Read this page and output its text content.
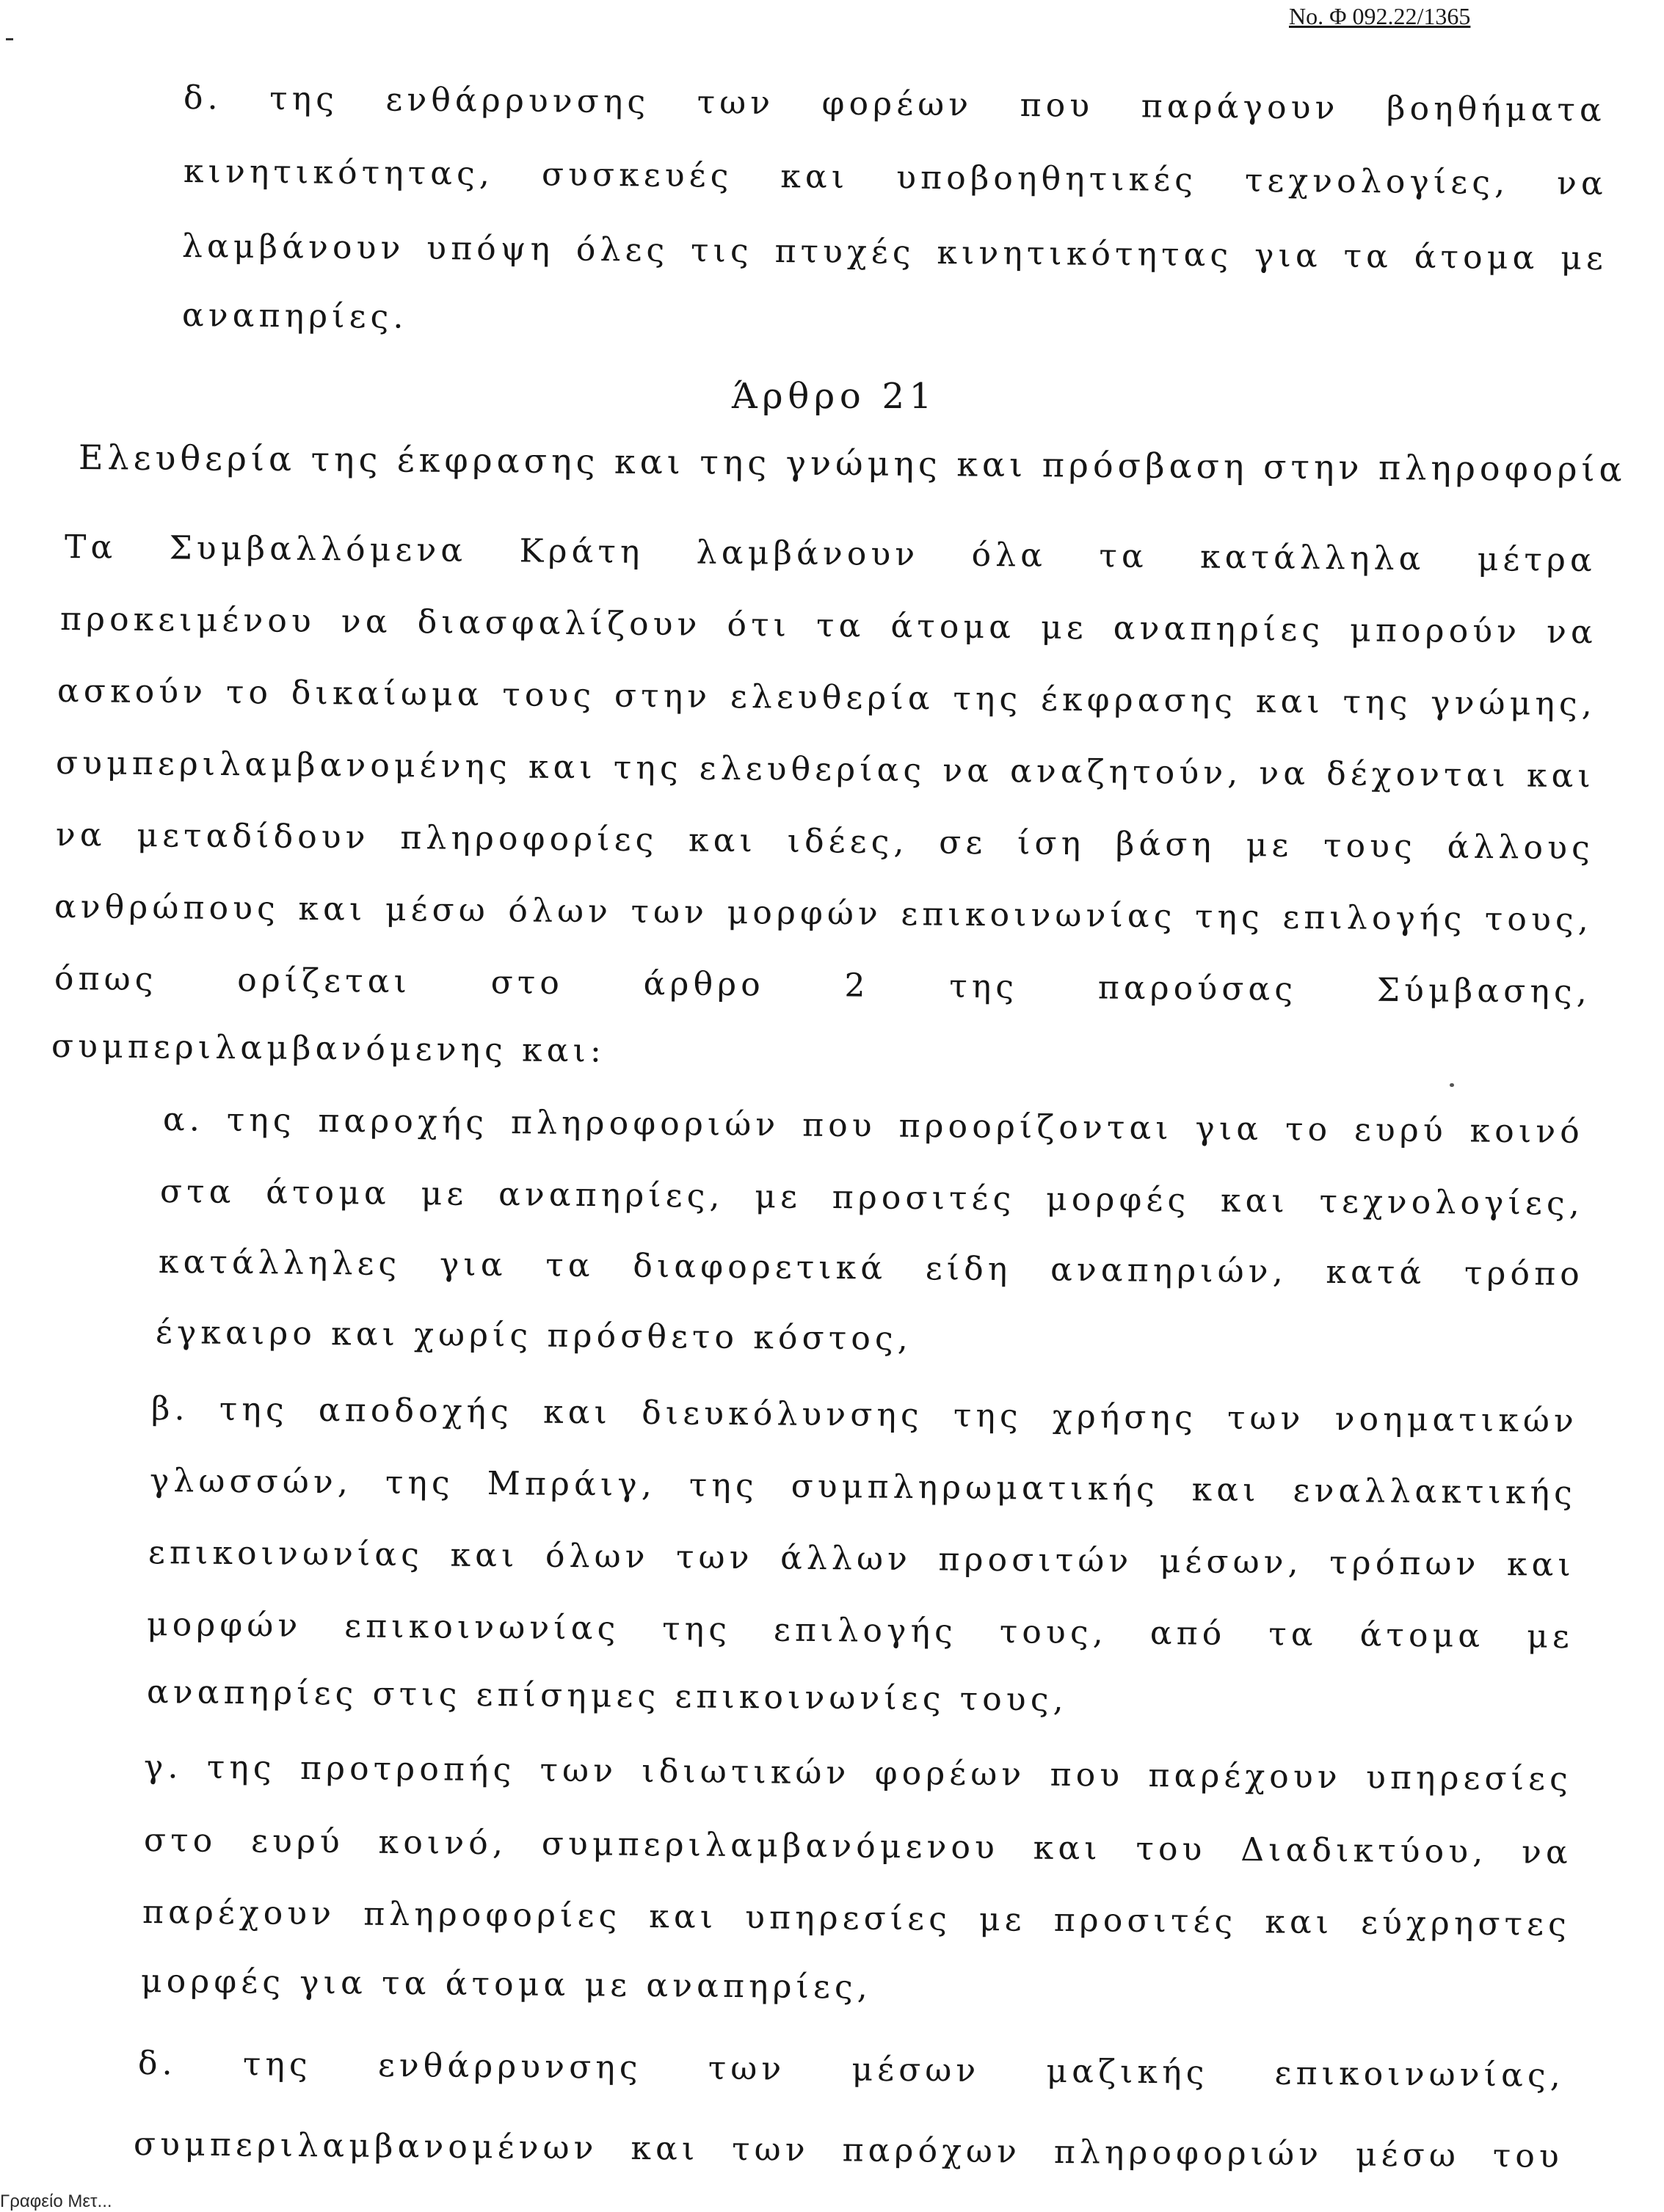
No. Φ 092.22/1365

δ. της ενθάρρυνσης των φορέων που παράγουν βοηθήματα

κινητικότητας, συσκευές και υποβοηθητικές τεχνολογίες, να

λαμβάνουν υπόψη όλες τις πτυχές κινητικότητας για τα άτομα με

αναπηρίες.

Άρθρο 21

Ελευθερία της έκφρασης και της γνώμης και πρόσβαση στην πληροφορία

Τα Συμβαλλόμενα Κράτη λαμβάνουν όλα τα κατάλληλα μέτρα

προκειμένου να διασφαλίζουν ότι τα άτομα με αναπηρίες μπορούν να

ασκούν το δικαίωμα τους στην ελευθερία της έκφρασης και της γνώμης,

συμπεριλαμβανομένης και της ελευθερίας να αναζητούν, να δέχονται και

να μεταδίδουν πληροφορίες και ιδέες, σε ίση βάση με τους άλλους

ανθρώπους και μέσω όλων των μορφών επικοινωνίας της επιλογής τους,

όπως ορίζεται στο άρθρο 2 της παρούσας Σύμβασης,

συμπεριλαμβανόμενης και:

α. της παροχής πληροφοριών που προορίζονται για το ευρύ κοινό

στα άτομα με αναπηρίες, με προσιτές μορφές και τεχνολογίες,

κατάλληλες για τα διαφορετικά είδη αναπηριών, κατά τρόπο

έγκαιρο και χωρίς πρόσθετο κόστος,

β. της αποδοχής και διευκόλυνσης της χρήσης των νοηματικών

γλωσσών, της Μπράιγ, της συμπληρωματικής και εναλλακτικής

επικοινωνίας και όλων των άλλων προσιτών μέσων, τρόπων και

μορφών επικοινωνίας της επιλογής τους, από τα άτομα με

αναπηρίες στις επίσημες επικοινωνίες τους,

γ. της προτροπής των ιδιωτικών φορέων που παρέχουν υπηρεσίες

στο ευρύ κοινό, συμπεριλαμβανόμενου και του Διαδικτύου, να

παρέχουν πληροφορίες και υπηρεσίες με προσιτές και εύχρηστες

μορφές για τα άτομα με αναπηρίες,

δ. της ενθάρρυνσης των μέσων μαζικής επικοινωνίας,

συμπεριλαμβανομένων και των παρόχων πληροφοριών μέσω του

Γραφείο Μετ...
